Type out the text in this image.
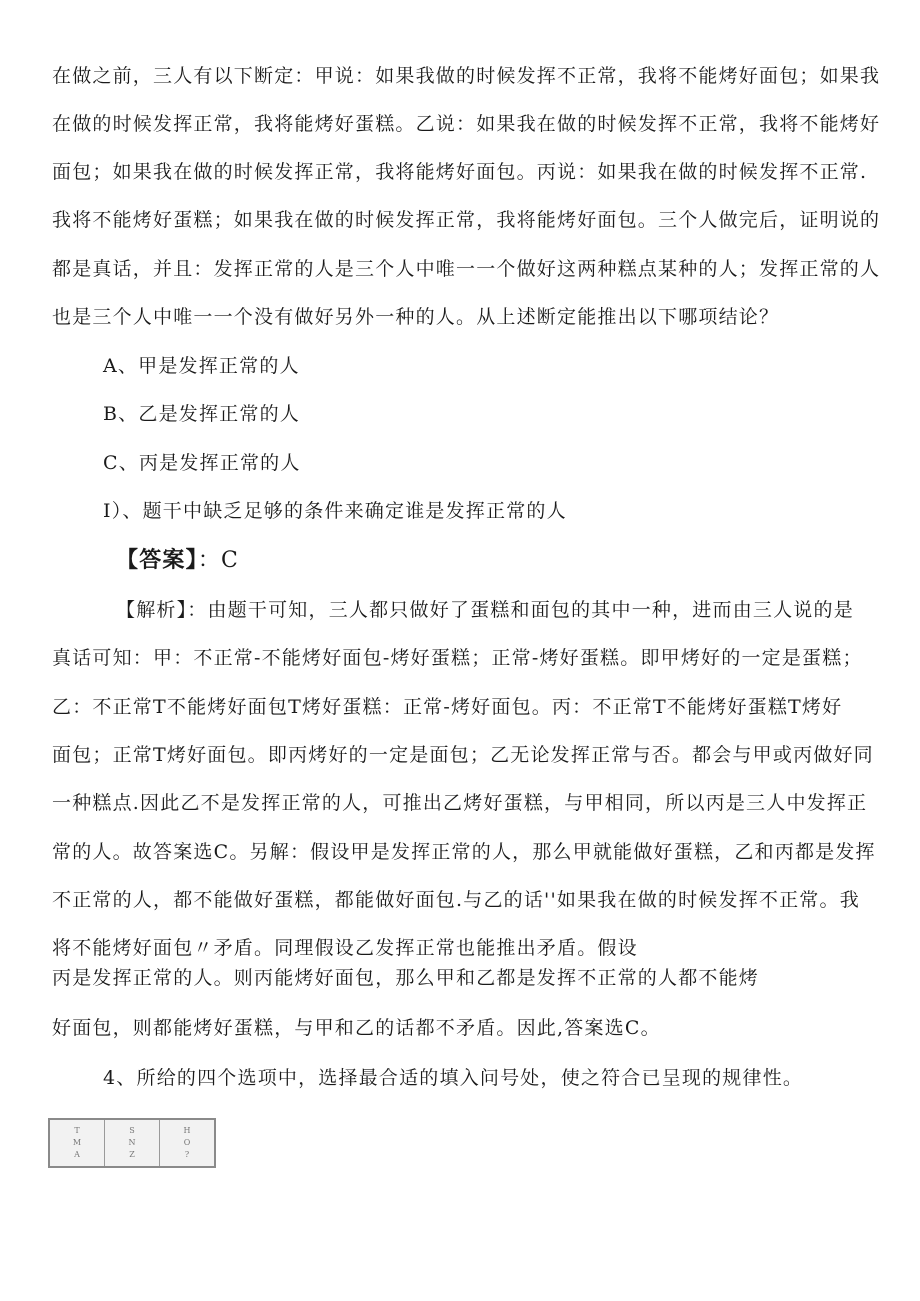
在做之前，三人有以下断定：甲说：如果我做的时候发挥不正常，我将不能烤好面包；如果我
在做的时候发挥正常，我将能烤好蛋糕。乙说：如果我在做的时候发挥不正常，我将不能烤好
面包；如果我在做的时候发挥正常，我将能烤好面包。丙说：如果我在做的时候发挥不正常.
我将不能烤好蛋糕；如果我在做的时候发挥正常，我将能烤好面包。三个人做完后，证明说的
都是真话，并且：发挥正常的人是三个人中唯一一个做好这两种糕点某种的人；发挥正常的人
也是三个人中唯一一个没有做好另外一种的人。从上述断定能推出以下哪项结论？
A、甲是发挥正常的人
B、乙是发挥正常的人
C、丙是发挥正常的人
I）、题干中缺乏足够的条件来确定谁是发挥正常的人
【答案】：C
【解析】：由题干可知，三人都只做好了蛋糕和面包的其中一种，进而由三人说的是
真话可知：甲：不正常-不能烤好面包-烤好蛋糕；正常-烤好蛋糕。即甲烤好的一定是蛋糕；
乙：不正常T不能烤好面包T烤好蛋糕：正常-烤好面包。丙：不正常T不能烤好蛋糕T烤好
面包；正常T烤好面包。即丙烤好的一定是面包；乙无论发挥正常与否。都会与甲或丙做好同
一种糕点.因此乙不是发挥正常的人，可推出乙烤好蛋糕，与甲相同，所以丙是三人中发挥正
常的人。故答案选C。另解：假设甲是发挥正常的人，那么甲就能做好蛋糕，乙和丙都是发挥
不正常的人，都不能做好蛋糕，都能做好面包.与乙的话''如果我在做的时候发挥不正常。我
将不能烤好面包〃矛盾。同理假设乙发挥正常也能推出矛盾。假设
丙是发挥正常的人。则丙能烤好面包，那么甲和乙都是发挥不正常的人都不能烤
好面包，则都能烤好蛋糕，与甲和乙的话都不矛盾。因此,答案选C。
4、所给的四个选项中，选择最合适的填入问号处，使之符合已呈现的规律性。
T
M
A
S
N
Z
H
O
?
